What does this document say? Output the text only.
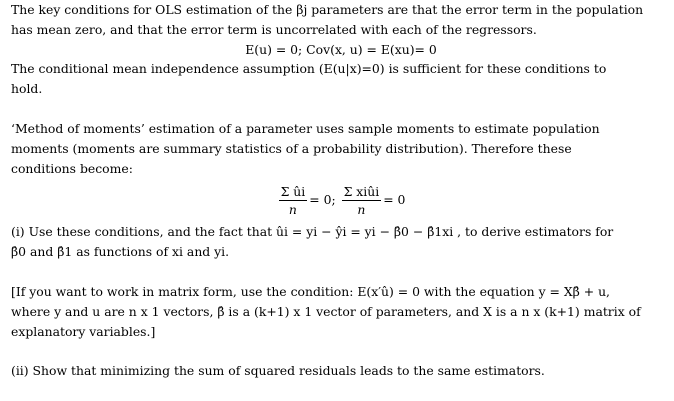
The key conditions for OLS estimation of the βj parameters are that the error term in the population
has mean zero, and that the error term is uncorrelated with each of the regressors.
E(u) = 0; Cov(x, u) = E(xu)= 0
The conditional mean independence assumption (E(u|x)=0) is sufficient for these conditions to
hold.
‘Method of moments’ estimation of a parameter uses sample moments to estimate population
moments (moments are summary statistics of a probability distribution). Therefore these
conditions become:
$\frac{\text{Σ ûi}}{n} = 0$; $\frac{\text{Σ xiûi}}{n} = 0$
(i) Use these conditions, and the fact that ûi = yi − ŷi = yi − β̂0 − β̂1xi , to derive estimators for
β̂0 and β̂1 as functions of xi and yi.
[If you want to work in matrix form, use the condition: E(x′û) = 0 with the equation y = Xβ̂ + u,
where y and u are n x 1 vectors, β̂ is a (k+1) x 1 vector of parameters, and X is a n x (k+1) matrix of
explanatory variables.]
(ii) Show that minimizing the sum of squared residuals leads to the same estimators.
